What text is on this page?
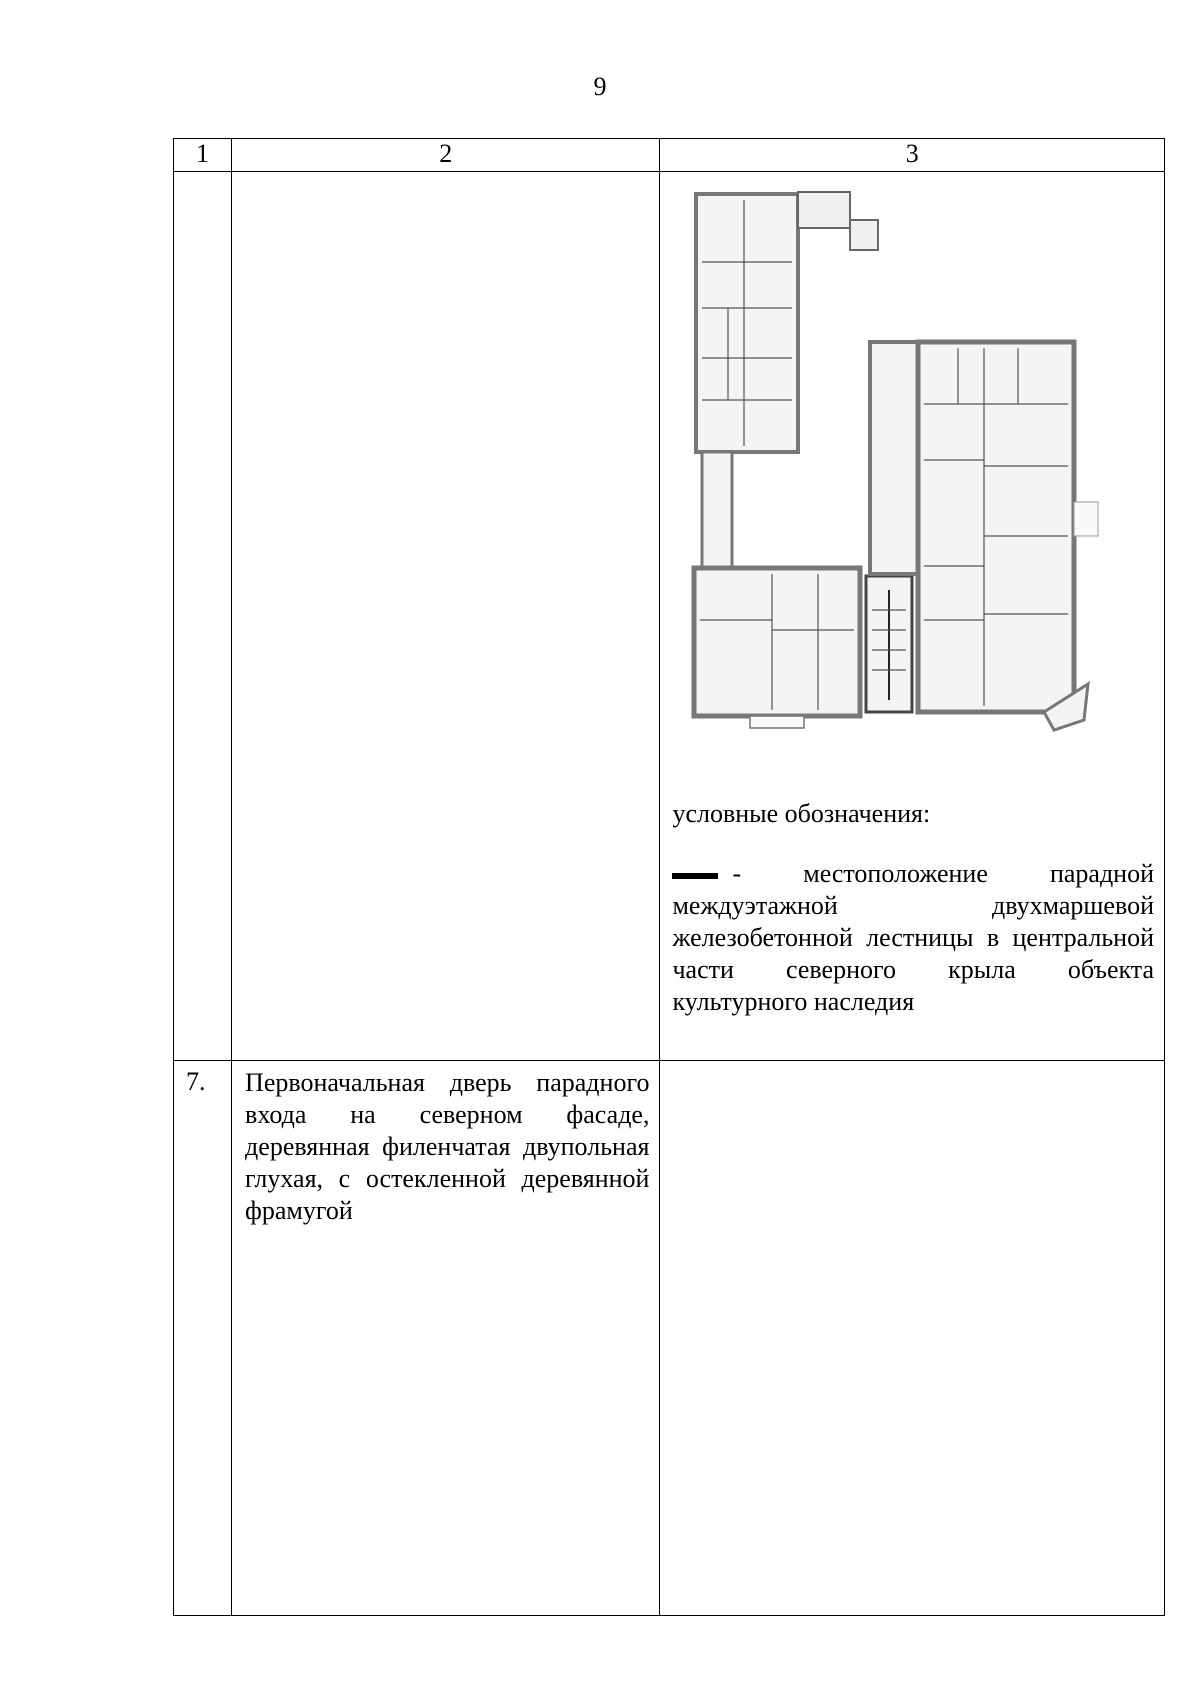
9
1	2	3

		условные обозначения:
- местоположение парадной междуэтажной двухмаршевой железобетонной лестницы в центральной части северного крыла объекта культурного наследия

7.	Первоначальная дверь парадного входа на северном фасаде, деревянная филенчатая двупольная глухая, с остекленной деревянной фрамугой	
